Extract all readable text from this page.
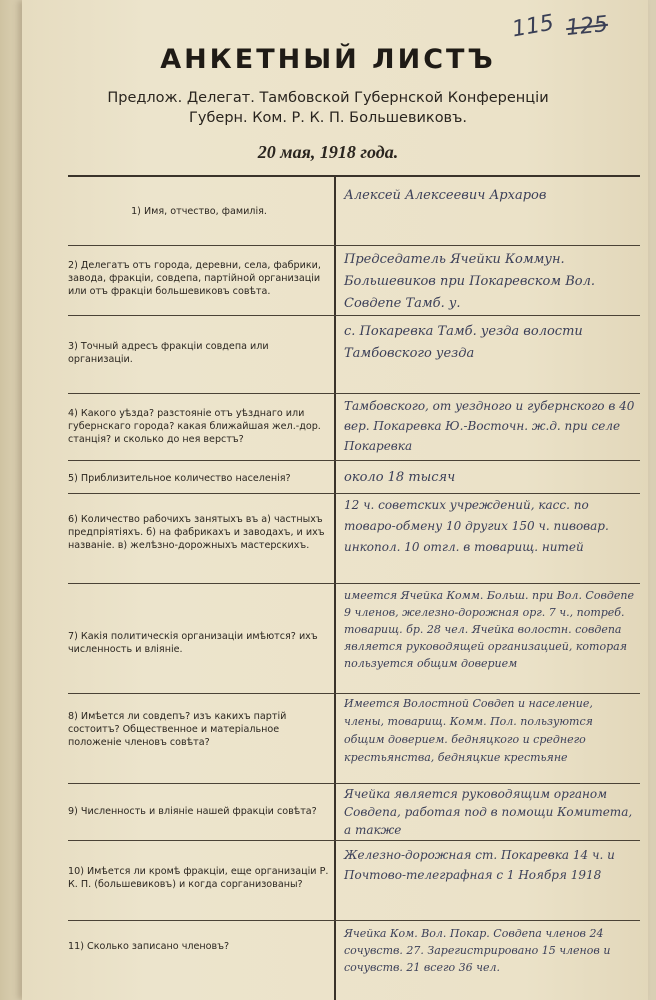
115 125
АНКЕТНЫЙ ЛИСТЪ
Предлож. Делегат. Тамбовской Губернской Конференціи
Губерн. Ком. Р. К. П. Большевиковъ.
20 мая, 1918 года.
1) Имя, отчество, фамилія.
Алексей Алексеевич Архаров
2) Делегатъ отъ города, деревни, села, фабрики, завода, фракціи, совдепа, партійной организаціи или отъ фракціи большевиковъ совѣта.
Председатель Ячейки Коммун. Большевиков при Покаревском Вол. Совдепе Тамб. у.
3) Точный адресъ фракціи совдепа или организаціи.
с. Покаревка Тамб. уезда волости Тамбовского уезда
4) Какого уѣзда? разстояніе отъ уѣзднаго или губернскаго города? какая ближайшая жел.-дор. станція? и сколько до нея верстъ?
Тамбовского, от уездного и губернского в 40 вер. Покаревка Ю.-Восточн. ж.д. при селе Покаревка
5) Приблизительное количество населенія?	около 18 тысяч
6) Количество рабочихъ занятыхъ въ а) частныхъ предпріятіяхъ. б) на фабрикахъ и заводахъ, и ихъ названіе. в) желѣзно-дорожныхъ мастерскихъ.
12 ч. советских учреждений, касс. по товаро-обмену 10 других 150 ч. пивовар. инкопол. 10 отгл. в товарищ. нитей
7) Какія политическія организаціи имѣются? ихъ численность и вліяніе.
имеется Ячейка Комм. Больш. при Вол. Совдепе 9 членов, железно-дорожная орг. 7 ч., потреб. товарищ. бр. 28 чел. Ячейка волостн. совдепа является руководящей организацией, которая пользуется общим доверием
8) Имѣется ли совдепъ? изъ какихъ партій состоитъ? Общественное и матеріальное положеніе членовъ совѣта?
Имеется Волостной Совдеп и население, члены, товарищ. Комм. Пол. пользуются общим доверием. бедняцкого и среднего крестьянства, бедняцкие крестьяне
9) Численность и вліяніе нашей фракціи совѣта?
Ячейка является руководящим органом Совдепа, работая под в помощи Комитета, а также
10) Имѣется ли кромѣ фракціи, еще организаціи Р. К. П. (большевиковъ) и когда сорганизованы?
Железно-дорожная ст. Покаревка 14 ч. и Почтово-телеграфная с 1 Ноября 1918
11) Сколько записано членовъ?
Ячейка Ком. Вол. Покар. Совдепа членов 24 сочувств. 27. Зарегистрировано 15 членов и сочувств. 21 всего 36 чел.
